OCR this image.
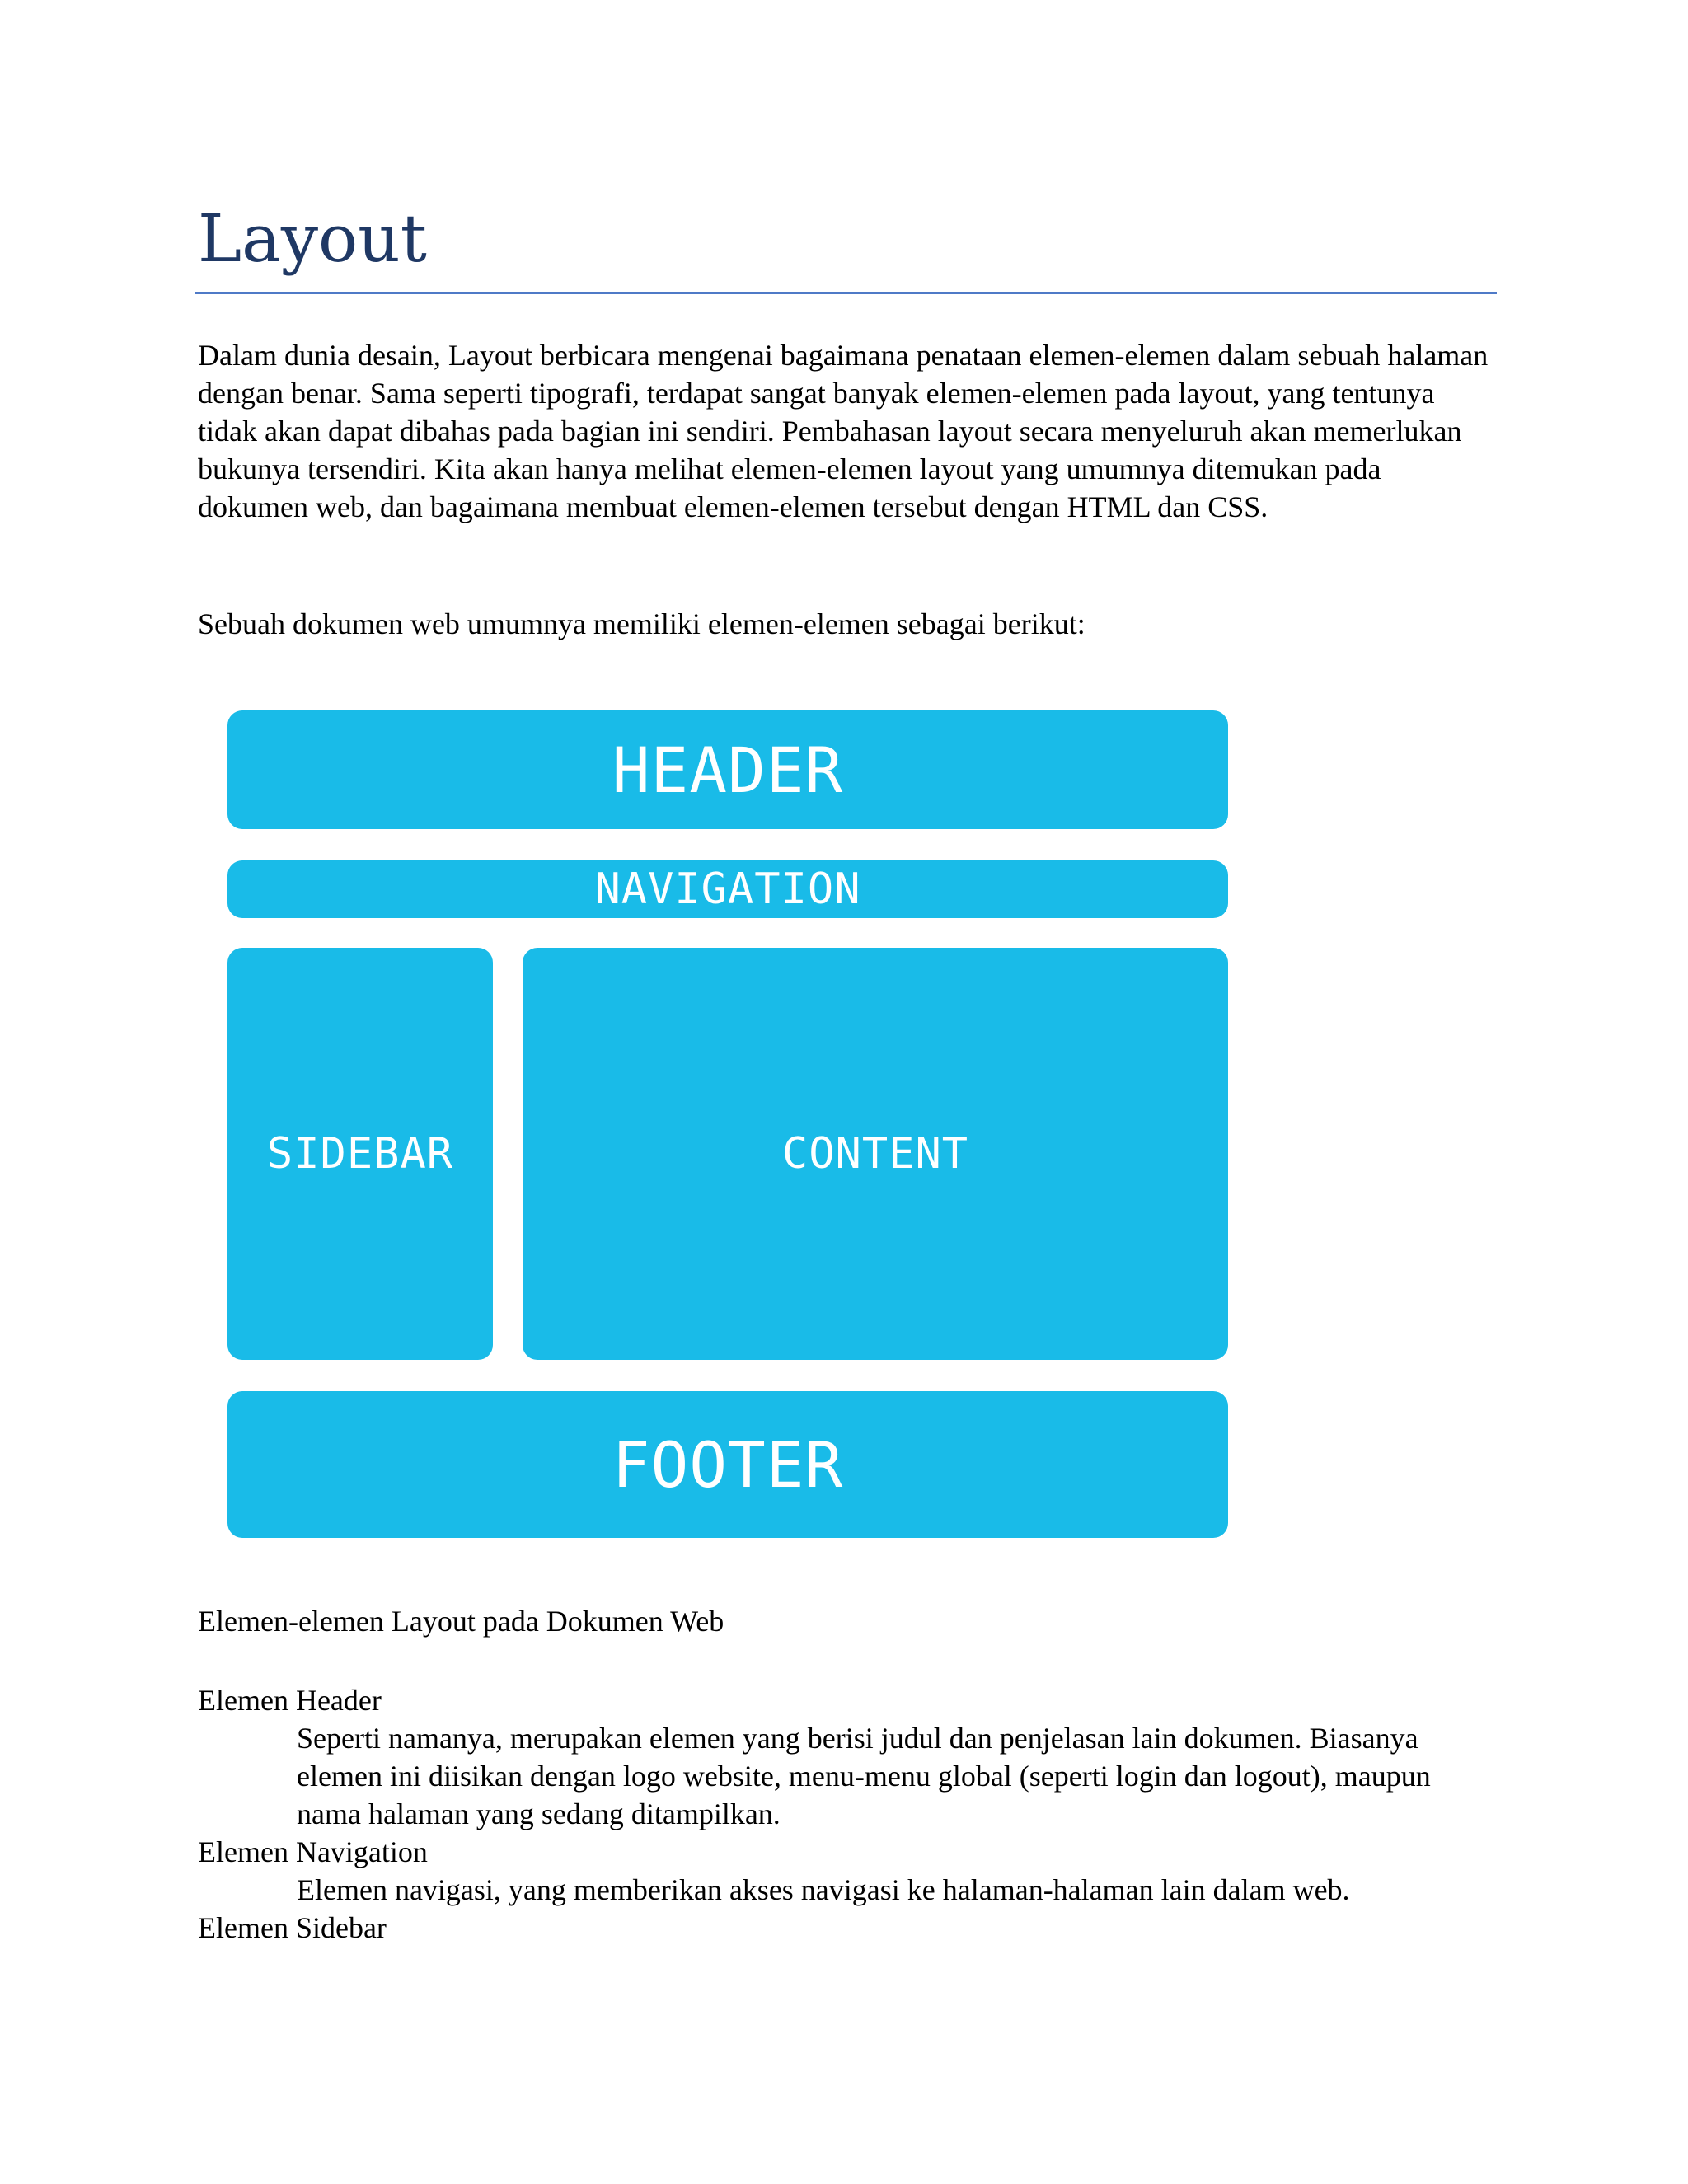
Layout

Dalam dunia desain, Layout berbicara mengenai bagaimana penataan elemen-elemen dalam sebuah halaman dengan benar. Sama seperti tipografi, terdapat sangat banyak elemen-elemen pada layout, yang tentunya tidak akan dapat dibahas pada bagian ini sendiri. Pembahasan layout secara menyeluruh akan memerlukan bukunya tersendiri. Kita akan hanya melihat elemen-elemen layout yang umumnya ditemukan pada dokumen web, dan bagaimana membuat elemen-elemen tersebut dengan HTML dan CSS.

Sebuah dokumen web umumnya memiliki elemen-elemen sebagai berikut:

HEADER
NAVIGATION
SIDEBAR	CONTENT
FOOTER

Elemen-elemen Layout pada Dokumen Web

Elemen Header

Seperti namanya, merupakan elemen yang berisi judul dan penjelasan lain dokumen. Biasanya elemen ini diisikan dengan logo website, menu-menu global (seperti login dan logout), maupun nama halaman yang sedang ditampilkan.

Elemen Navigation

Elemen navigasi, yang memberikan akses navigasi ke halaman-halaman lain dalam web.

Elemen Sidebar
